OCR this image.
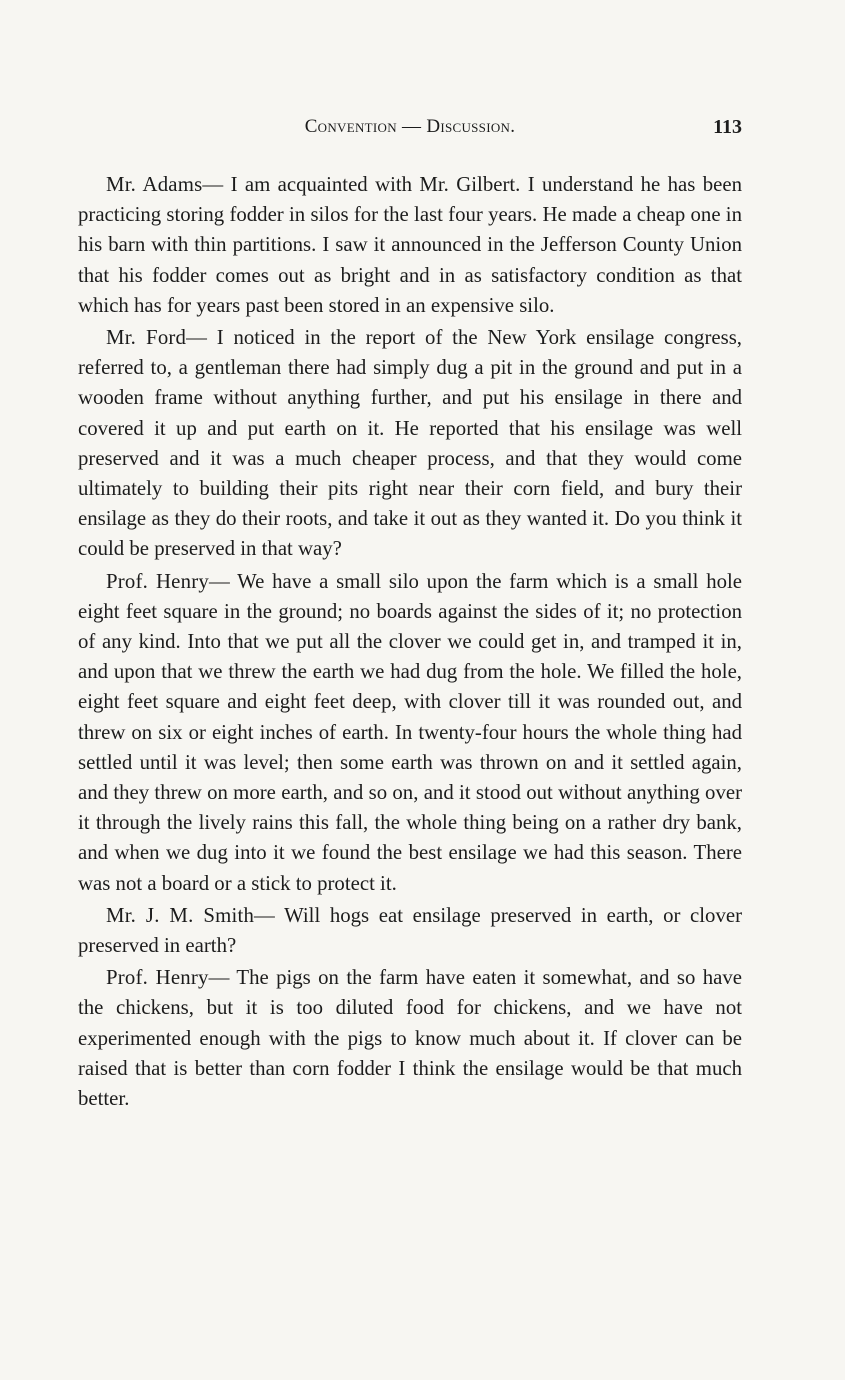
Convention — Discussion.	113

Mr. Adams— I am acquainted with Mr. Gilbert. I understand he has been practicing storing fodder in silos for the last four years. He made a cheap one in his barn with thin partitions. I saw it announced in the Jefferson County Union that his fodder comes out as bright and in as satisfactory condition as that which has for years past been stored in an expensive silo.

Mr. Ford— I noticed in the report of the New York ensilage congress, referred to, a gentleman there had simply dug a pit in the ground and put in a wooden frame without anything further, and put his ensilage in there and covered it up and put earth on it. He reported that his ensilage was well preserved and it was a much cheaper process, and that they would come ultimately to building their pits right near their corn field, and bury their ensilage as they do their roots, and take it out as they wanted it. Do you think it could be preserved in that way?

Prof. Henry— We have a small silo upon the farm which is a small hole eight feet square in the ground; no boards against the sides of it; no protection of any kind. Into that we put all the clover we could get in, and tramped it in, and upon that we threw the earth we had dug from the hole. We filled the hole, eight feet square and eight feet deep, with clover till it was rounded out, and threw on six or eight inches of earth. In twenty-four hours the whole thing had settled until it was level; then some earth was thrown on and it settled again, and they threw on more earth, and so on, and it stood out without anything over it through the lively rains this fall, the whole thing being on a rather dry bank, and when we dug into it we found the best ensilage we had this season. There was not a board or a stick to protect it.

Mr. J. M. Smith— Will hogs eat ensilage preserved in earth, or clover preserved in earth?

Prof. Henry— The pigs on the farm have eaten it somewhat, and so have the chickens, but it is too diluted food for chickens, and we have not experimented enough with the pigs to know much about it. If clover can be raised that is better than corn fodder I think the ensilage would be that much better.
